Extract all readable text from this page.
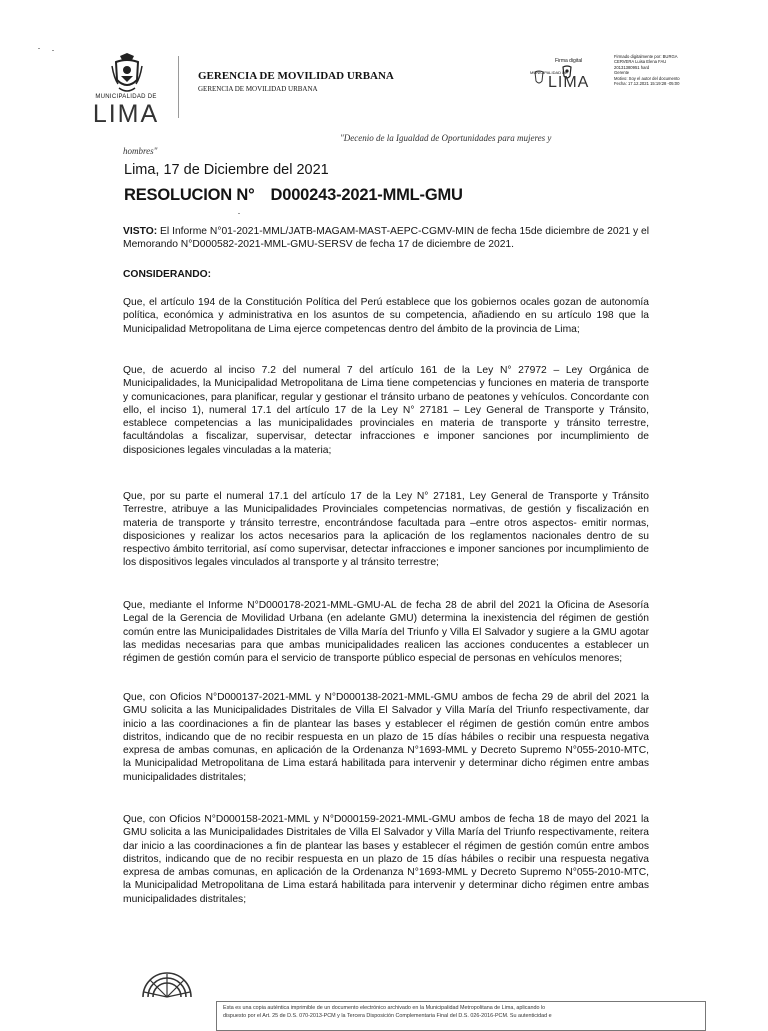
MUNICIPALIDAD DE
LIMA
GERENCIA DE MOVILIDAD URBANA
GERENCIA DE MOVILIDAD URBANA
Firma digital
MUNICIPALIDAD DE
LIMA
Firmado digitalmente por: BURGA
CERVERA Luisa Elena FAU
20131380951 hard
Gerente
Motivo: Soy el autor del documento
Fecha: 17.12.2021 15:19:28 -05:00
"Decenio de la Igualdad de Oportunidades para mujeres y
hombres"
Lima, 17 de Diciembre del 2021
RESOLUCION N° D000243-2021-MML-GMU
VISTO: El Informe N°01-2021-MML/JATB-MAGAM-MAST-AEPC-CGMV-MIN de fecha 15de diciembre de 2021 y el Memorando N°D000582-2021-MML-GMU-SERSV de fecha 17 de diciembre de 2021.
CONSIDERANDO:
Que, el artículo 194 de la Constitución Política del Perú establece que los gobiernos ocales gozan de autonomía política, económica y administrativa en los asuntos de su competencia, añadiendo en su artículo 198 que la Municipalidad Metropolitana de Lima ejerce competencas dentro del ámbito de la provincia de Lima;
Que, de acuerdo al inciso 7.2 del numeral 7 del artículo 161 de la Ley N° 27972 – Ley Orgánica de Municipalidades, la Municipalidad Metropolitana de Lima tiene competencias y funciones en materia de transporte y comunicaciones, para planificar, regular y gestionar el tránsito urbano de peatones y vehículos. Concordante con ello, el inciso 1), numeral 17.1 del artículo 17 de la Ley N° 27181 – Ley General de Transporte y Tránsito, establece competencias a las municipalidades provinciales en materia de transporte y tránsito terrestre, facultándolas a fiscalizar, supervisar, detectar infracciones e imponer sanciones por incumplimiento de disposiciones legales vinculadas a la materia;
Que, por su parte el numeral 17.1 del artículo 17 de la Ley N° 27181, Ley General de Transporte y Tránsito Terrestre, atribuye a las Municipalidades Provinciales competencias normativas, de gestión y fiscalización en materia de transporte y tránsito terrestre, encontrándose facultada para –entre otros aspectos- emitir normas, disposiciones y realizar los actos necesarios para la aplicación de los reglamentos nacionales dentro de su respectivo ámbito territorial, así como supervisar, detectar infracciones e imponer sanciones por incumplimiento de los dispositivos legales vinculados al transporte y al tránsito terrestre;
Que, mediante el Informe N°D000178-2021-MML-GMU-AL de fecha 28 de abril del 2021 la Oficina de Asesoría Legal de la Gerencia de Movilidad Urbana (en adelante GMU) determina la inexistencia del régimen de gestión común entre las Municipalidades Distritales de Villa María del Triunfo y Villa El Salvador y sugiere a la GMU agotar las medidas necesarias para que ambas municipalidades realicen las acciones conducentes a establecer un régimen de gestión común para el servicio de transporte público especial de personas en vehículos menores;
Que, con Oficios N°D000137-2021-MML y N°D000138-2021-MML-GMU ambos de fecha 29 de abril del 2021 la GMU solicita a las Municipalidades Distritales de Villa El Salvador y Villa María del Triunfo respectivamente, dar inicio a las coordinaciones a fin de plantear las bases y establecer el régimen de gestión común entre ambos distritos, indicando que de no recibir respuesta en un plazo de 15 días hábiles o recibir una respuesta negativa expresa de ambas comunas, en aplicación de la Ordenanza N°1693-MML y Decreto Supremo N°055-2010-MTC, la Municipalidad Metropolitana de Lima estará habilitada para intervenir y determinar dicho régimen entre ambas municipalidades distritales;
Que, con Oficios N°D000158-2021-MML y N°D000159-2021-MML-GMU ambos de fecha 18 de mayo del 2021 la GMU solicita a las Municipalidades Distritales de Villa El Salvador y Villa María del Triunfo respectivamente, reitera dar inicio a las coordinaciones a fin de plantear las bases y establecer el régimen de gestión común entre ambos distritos, indicando que de no recibir respuesta en un plazo de 15 días hábiles o recibir una respuesta negativa expresa de ambas comunas, en aplicación de la Ordenanza N°1693-MML y Decreto Supremo N°055-2010-MTC, la Municipalidad Metropolitana de Lima estará habilitada para intervenir y determinar dicho régimen entre ambas municipalidades distritales;
Esta es una copia auténtica imprimible de un documento electrónico archivado en la Municipalidad Metropolitana de Lima, aplicando lo
dispuesto por el Art. 25 de D.S. 070-2013-PCM y la Tercera Disposición Complementaria Final del D.S. 026-2016-PCM. Su autenticidad e
